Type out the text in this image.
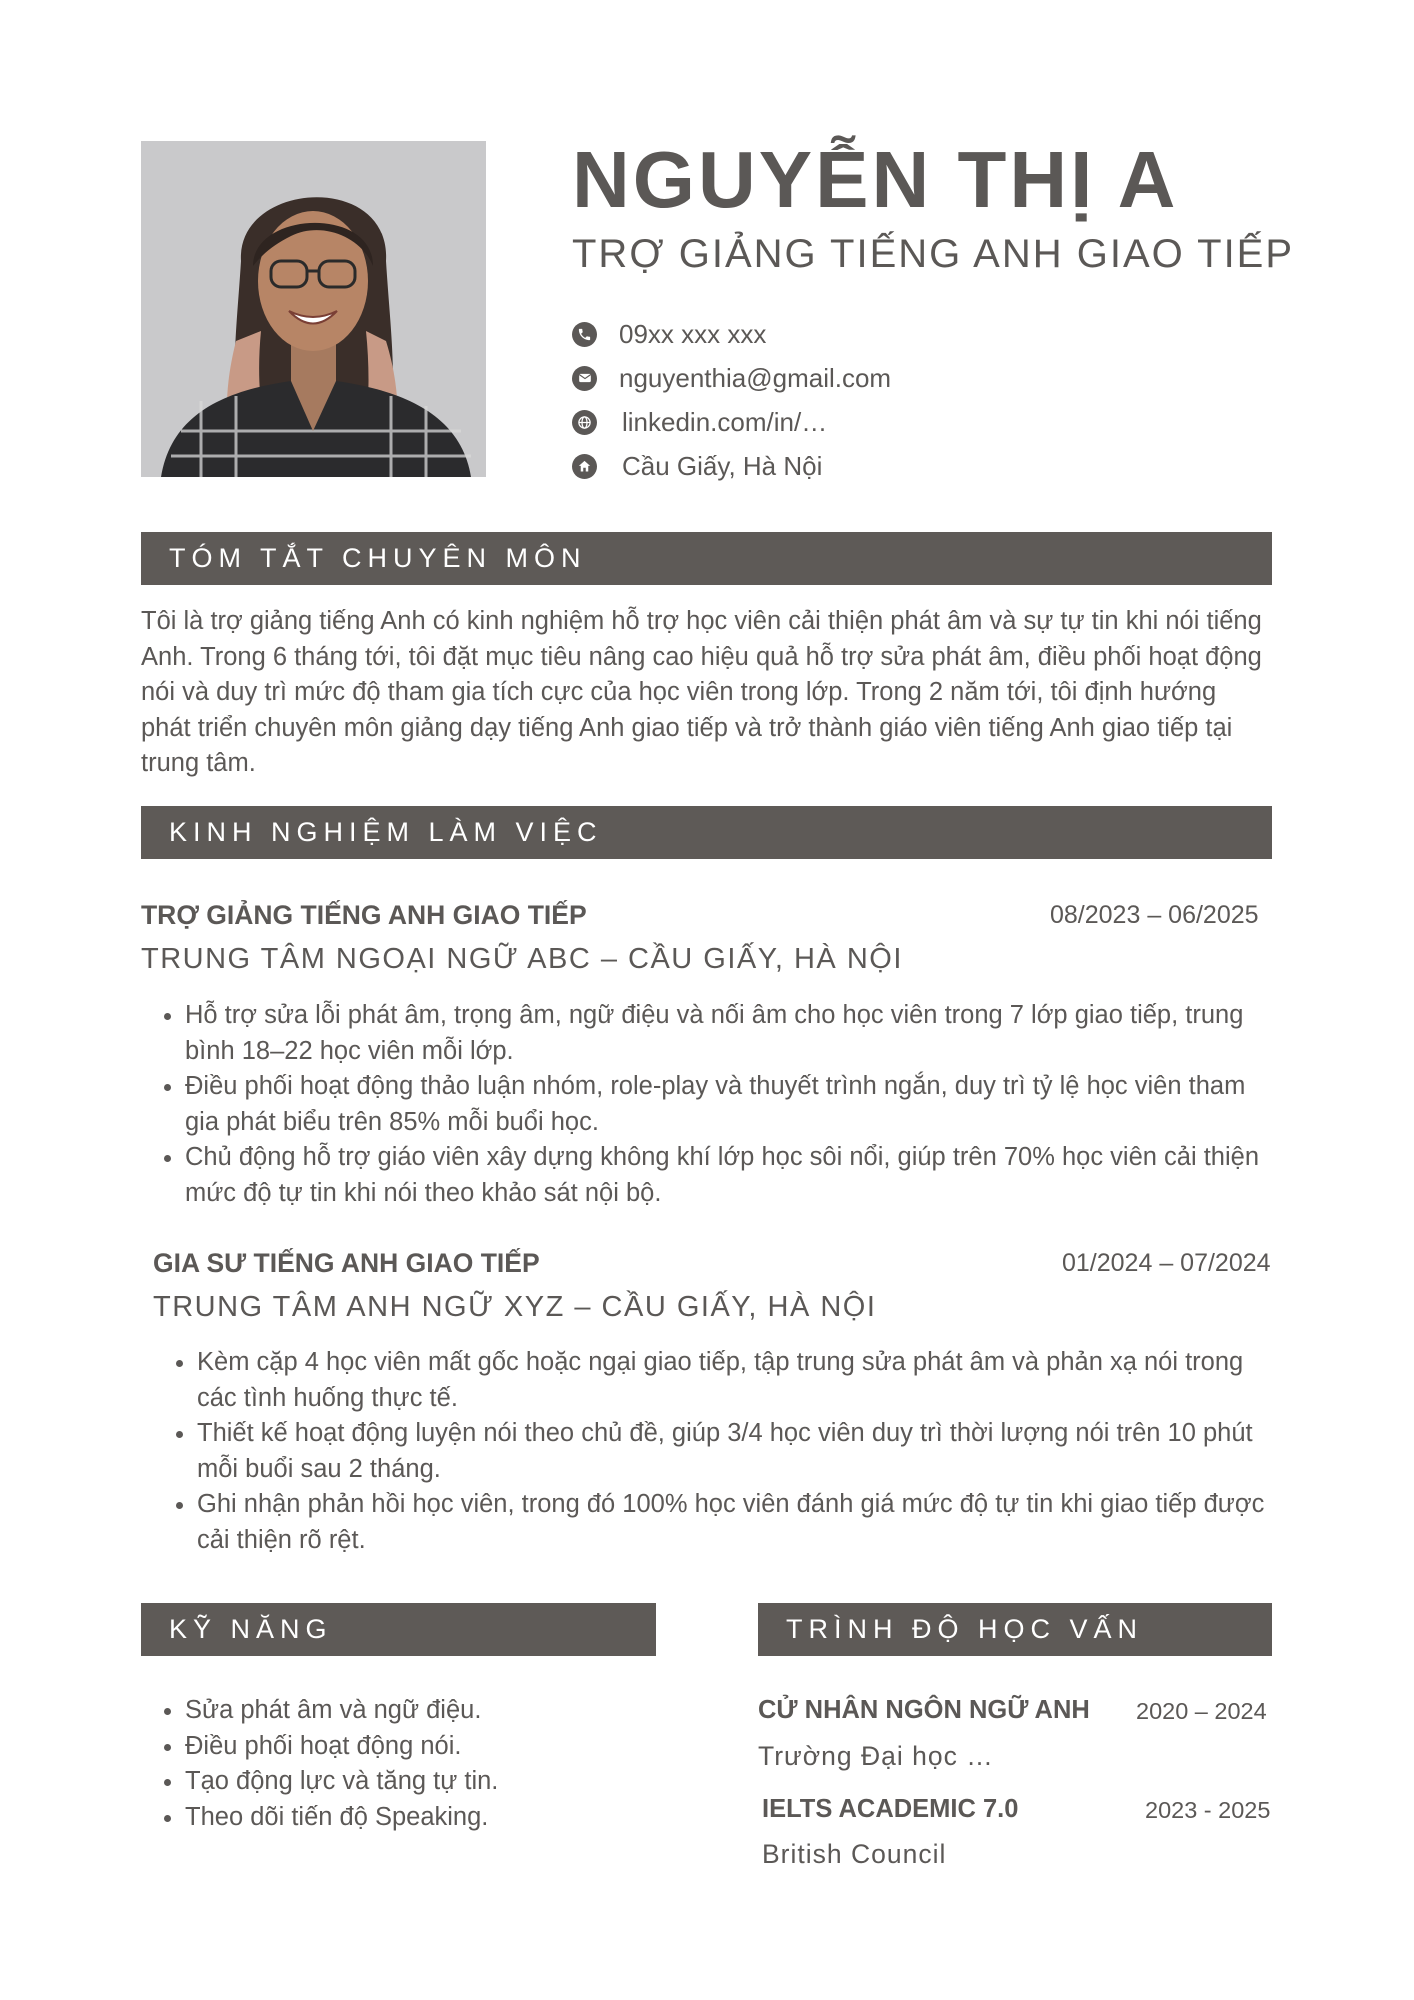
NGUYỄN THỊ A
TRỢ GIẢNG TIẾNG ANH GIAO TIẾP
09xx xxx xxx
nguyenthia@gmail.com
linkedin.com/in/…
Cầu Giấy, Hà Nội
TÓM TẮT CHUYÊN MÔN

Tôi là trợ giảng tiếng Anh có kinh nghiệm hỗ trợ học viên cải thiện phát âm và sự tự tin khi nói tiếng Anh. Trong 6 tháng tới, tôi đặt mục tiêu nâng cao hiệu quả hỗ trợ sửa phát âm, điều phối hoạt động nói và duy trì mức độ tham gia tích cực của học viên trong lớp. Trong 2 năm tới, tôi định hướng phát triển chuyên môn giảng dạy tiếng Anh giao tiếp và trở thành giáo viên tiếng Anh giao tiếp tại trung tâm.

KINH NGHIỆM LÀM VIỆC
TRỢ GIẢNG TIẾNG ANH GIAO TIẾP	08/2023 – 06/2025
TRUNG TÂM NGOẠI NGỮ ABC – CẦU GIẤY, HÀ NỘI
• Hỗ trợ sửa lỗi phát âm, trọng âm, ngữ điệu và nối âm cho học viên trong 7 lớp giao tiếp, trung bình 18–22 học viên mỗi lớp.
• Điều phối hoạt động thảo luận nhóm, role-play và thuyết trình ngắn, duy trì tỷ lệ học viên tham gia phát biểu trên 85% mỗi buổi học.
• Chủ động hỗ trợ giáo viên xây dựng không khí lớp học sôi nổi, giúp trên 70% học viên cải thiện mức độ tự tin khi nói theo khảo sát nội bộ.
GIA SƯ TIẾNG ANH GIAO TIẾP	01/2024 – 07/2024
TRUNG TÂM ANH NGỮ XYZ – CẦU GIẤY, HÀ NỘI
• Kèm cặp 4 học viên mất gốc hoặc ngại giao tiếp, tập trung sửa phát âm và phản xạ nói trong các tình huống thực tế.
• Thiết kế hoạt động luyện nói theo chủ đề, giúp 3/4 học viên duy trì thời lượng nói trên 10 phút mỗi buổi sau 2 tháng.
• Ghi nhận phản hồi học viên, trong đó 100% học viên đánh giá mức độ tự tin khi giao tiếp được cải thiện rõ rệt.
KỸ NĂNG
• Sửa phát âm và ngữ điệu.
• Điều phối hoạt động nói.
• Tạo động lực và tăng tự tin.
• Theo dõi tiến độ Speaking.
TRÌNH ĐỘ HỌC VẤN
CỬ NHÂN NGÔN NGỮ ANH 2020 – 2024
Trường Đại học …
IELTS ACADEMIC 7.0	2023 - 2025
British Council
